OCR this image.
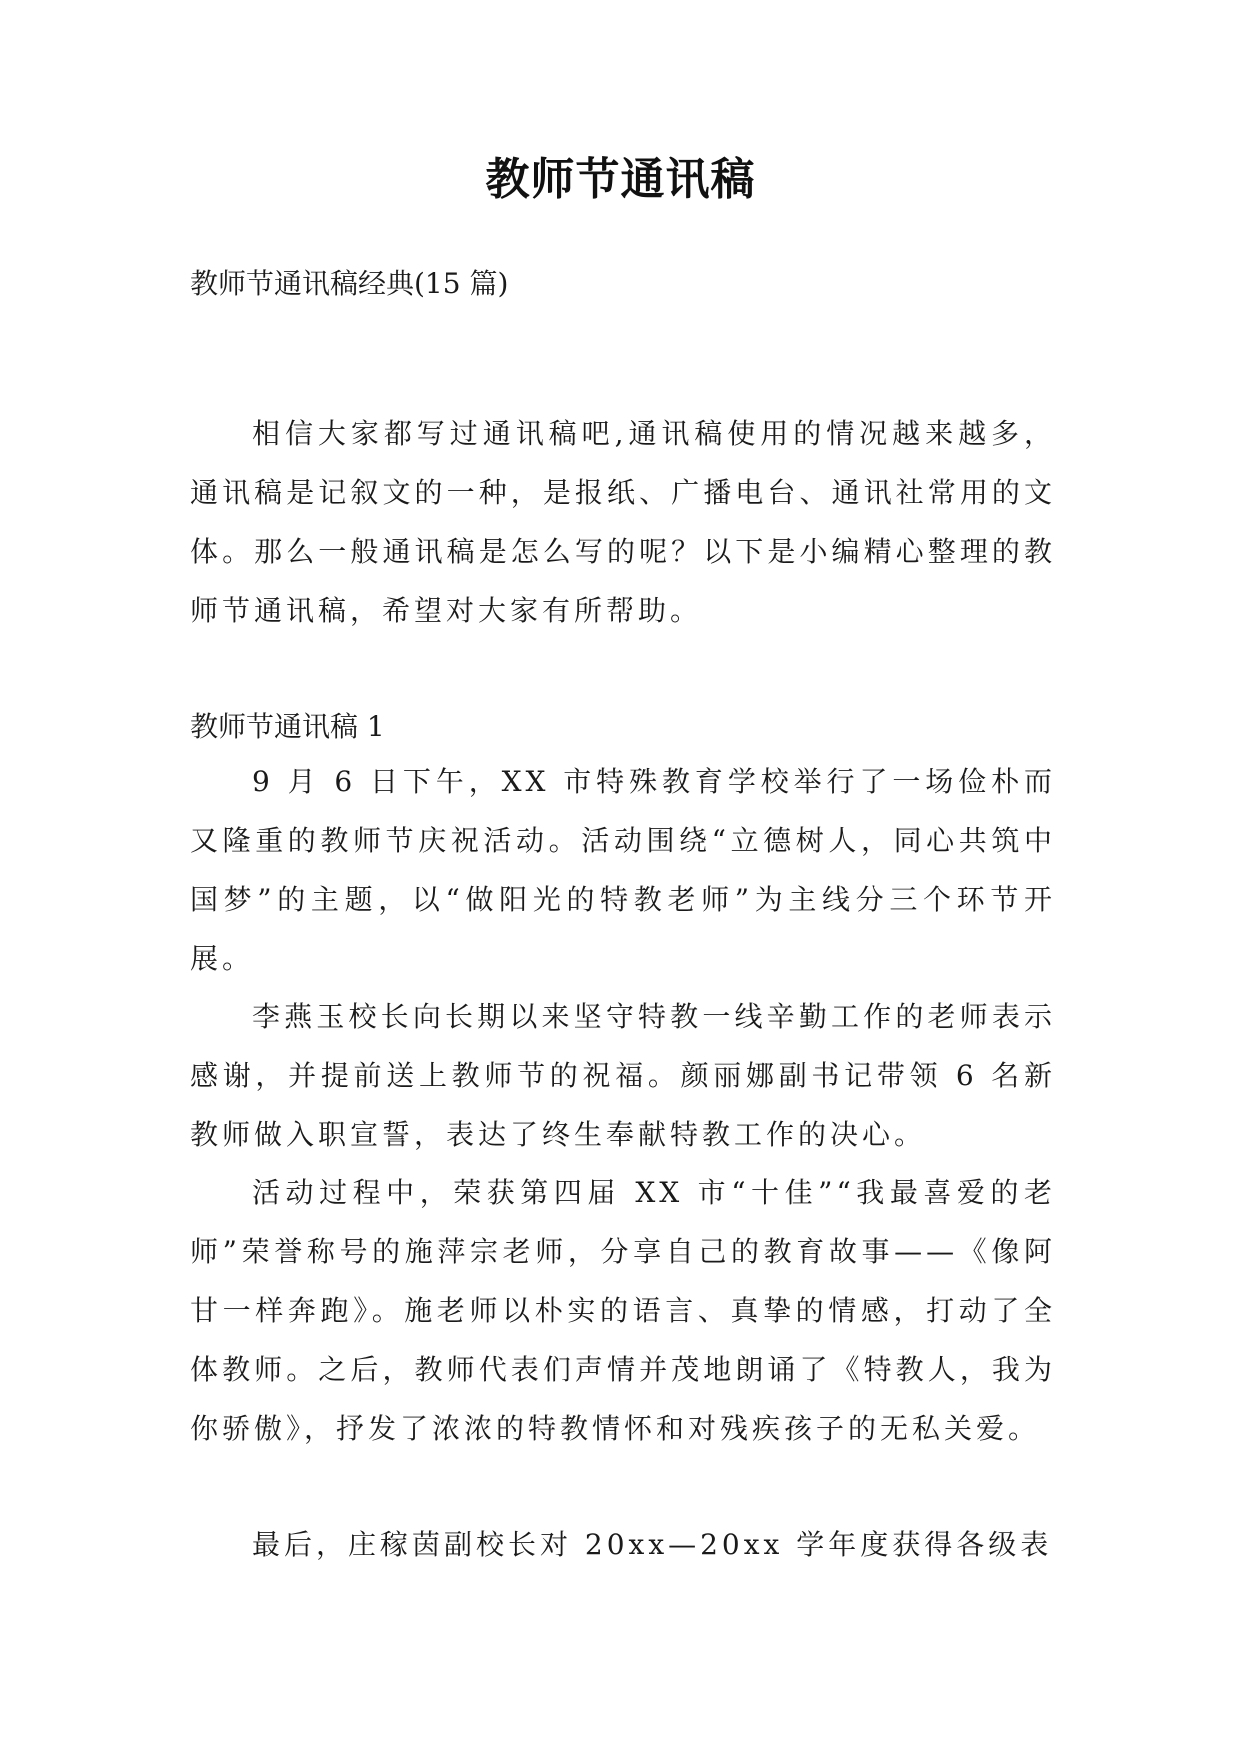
教师节通讯稿
教师节通讯稿经典(15 篇)

相信大家都写过通讯稿吧,通讯稿使用的情况越来越多，通讯稿是记叙文的一种，是报纸、广播电台、通讯社常用的文体。那么一般通讯稿是怎么写的呢？以下是小编精心整理的教师节通讯稿，希望对大家有所帮助。

教师节通讯稿 1

9 月 6 日下午，XX 市特殊教育学校举行了一场俭朴而又隆重的教师节庆祝活动。活动围绕“立德树人，同心共筑中国梦”的主题，以“做阳光的特教老师”为主线分三个环节开展。

李燕玉校长向长期以来坚守特教一线辛勤工作的老师表示感谢，并提前送上教师节的祝福。颜丽娜副书记带领 6 名新教师做入职宣誓，表达了终生奉献特教工作的决心。

活动过程中，荣获第四届 XX 市“十佳”“我最喜爱的老师”荣誉称号的施萍宗老师，分享自己的教育故事——《像阿甘一样奔跑》。施老师以朴实的语言、真挚的情感，打动了全体教师。之后，教师代表们声情并茂地朗诵了《特教人，我为你骄傲》，抒发了浓浓的特教情怀和对残疾孩子的无私关爱。

最后，庄稼茵副校长对 20xx—20xx 学年度获得各级表
